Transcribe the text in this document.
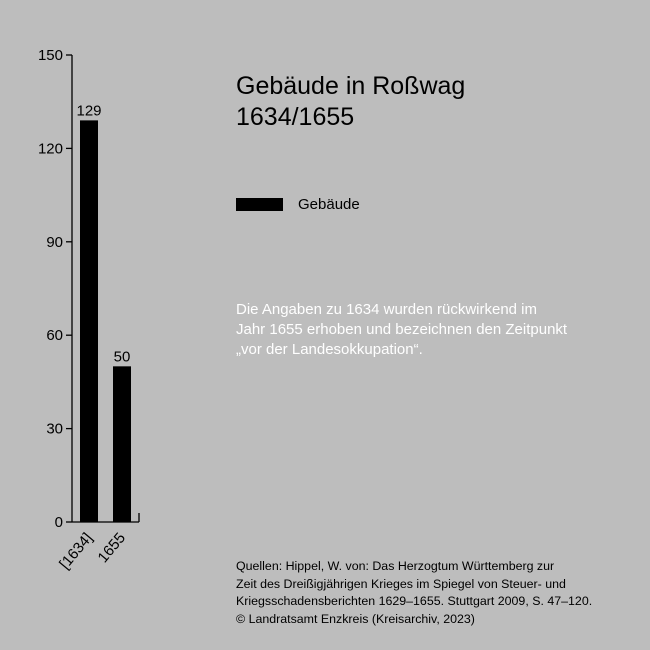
0
30
60
90
120
150
129
50
[1634]
1655
Gebäude in Roßwag
1634/1655
Gebäude
Die Angaben zu 1634 wurden rückwirkend im
Jahr 1655 erhoben und bezeichnen den Zeitpunkt
„vor der Landesokkupation“.
Quellen: Hippel, W. von: Das Herzogtum Württemberg zur
Zeit des Dreißigjährigen Krieges im Spiegel von Steuer- und
Kriegsschadensberichten 1629–1655. Stuttgart 2009, S. 47–120.
© Landratsamt Enzkreis (Kreisarchiv, 2023)
